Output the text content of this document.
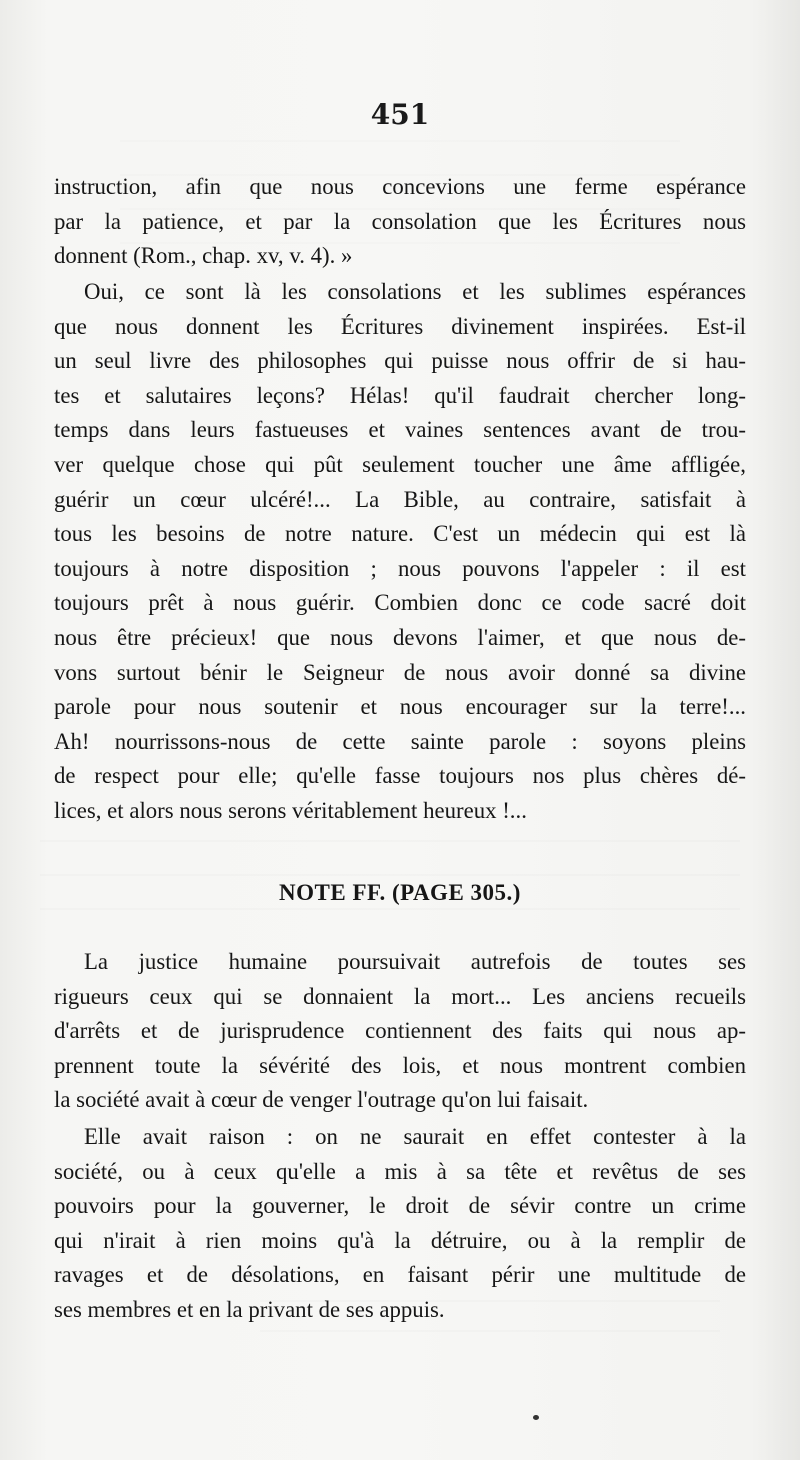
451

instruction, afin que nous concevions une ferme espérance

par la patience, et par la consolation que les Écritures nous

donnent (Rom., chap. xv, v. 4). »

Oui, ce sont là les consolations et les sublimes espérances

que nous donnent les Écritures divinement inspirées. Est-il

un seul livre des philosophes qui puisse nous offrir de si hau-

tes et salutaires leçons? Hélas! qu'il faudrait chercher long-

temps dans leurs fastueuses et vaines sentences avant de trou-

ver quelque chose qui pût seulement toucher une âme affligée,

guérir un cœur ulcéré!... La Bible, au contraire, satisfait à

tous les besoins de notre nature. C'est un médecin qui est là

toujours à notre disposition ; nous pouvons l'appeler : il est

toujours prêt à nous guérir. Combien donc ce code sacré doit

nous être précieux! que nous devons l'aimer, et que nous de-

vons surtout bénir le Seigneur de nous avoir donné sa divine

parole pour nous soutenir et nous encourager sur la terre!...

Ah! nourrissons-nous de cette sainte parole : soyons pleins

de respect pour elle; qu'elle fasse toujours nos plus chères dé-

lices, et alors nous serons véritablement heureux !...

NOTE FF. (PAGE 305.)

La justice humaine poursuivait autrefois de toutes ses

rigueurs ceux qui se donnaient la mort... Les anciens recueils

d'arrêts et de jurisprudence contiennent des faits qui nous ap-

prennent toute la sévérité des lois, et nous montrent combien

la société avait à cœur de venger l'outrage qu'on lui faisait.

Elle avait raison : on ne saurait en effet contester à la

société, ou à ceux qu'elle a mis à sa tête et revêtus de ses

pouvoirs pour la gouverner, le droit de sévir contre un crime

qui n'irait à rien moins qu'à la détruire, ou à la remplir de

ravages et de désolations, en faisant périr une multitude de

ses membres et en la privant de ses appuis.
